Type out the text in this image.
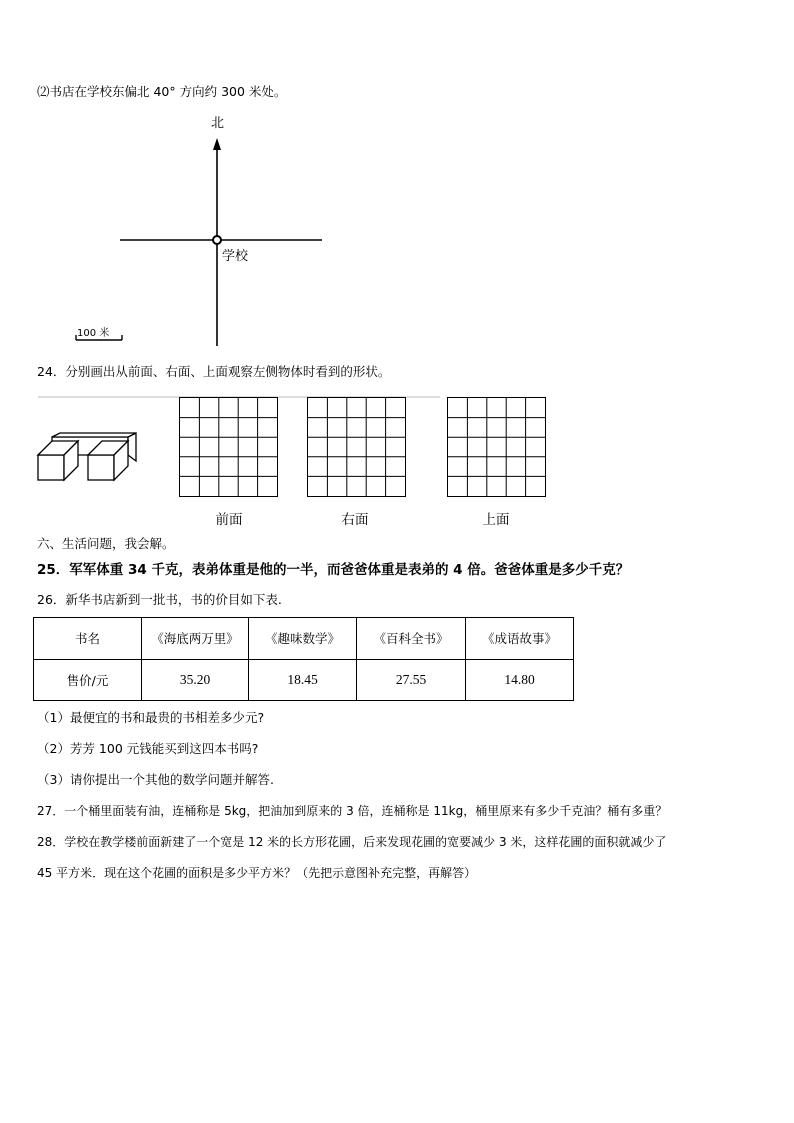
⑵书店在学校东偏北 40° 方向约 300 米处。
北
学校
100 米
24．分别画出从前面、右面、上面观察左侧物体时看到的形状。
前面	右面	上面
六、生活问题，我会解。
25．军军体重 34 千克，表弟体重是他的一半，而爸爸体重是表弟的 4 倍。爸爸体重是多少千克？
26．新华书店新到一批书，书的价目如下表.
书名	《海底两万里》	《趣味数学》	《百科全书》	《成语故事》
售价/元	35.20	18.45	27.55	14.80
（1）最便宜的书和最贵的书相差多少元?
（2）芳芳 100 元钱能买到这四本书吗?
（3）请你提出一个其他的数学问题并解答.
27．一个桶里面装有油，连桶称是 5kg，把油加到原来的 3 倍，连桶称是 11kg，桶里原来有多少千克油？桶有多重？
28．学校在教学楼前面新建了一个宽是 12 米的长方形花圃，后来发现花圃的宽要减少 3 米，这样花圃的面积就减少了
45 平方米．现在这个花圃的面积是多少平方米？（先把示意图补充完整，再解答）
